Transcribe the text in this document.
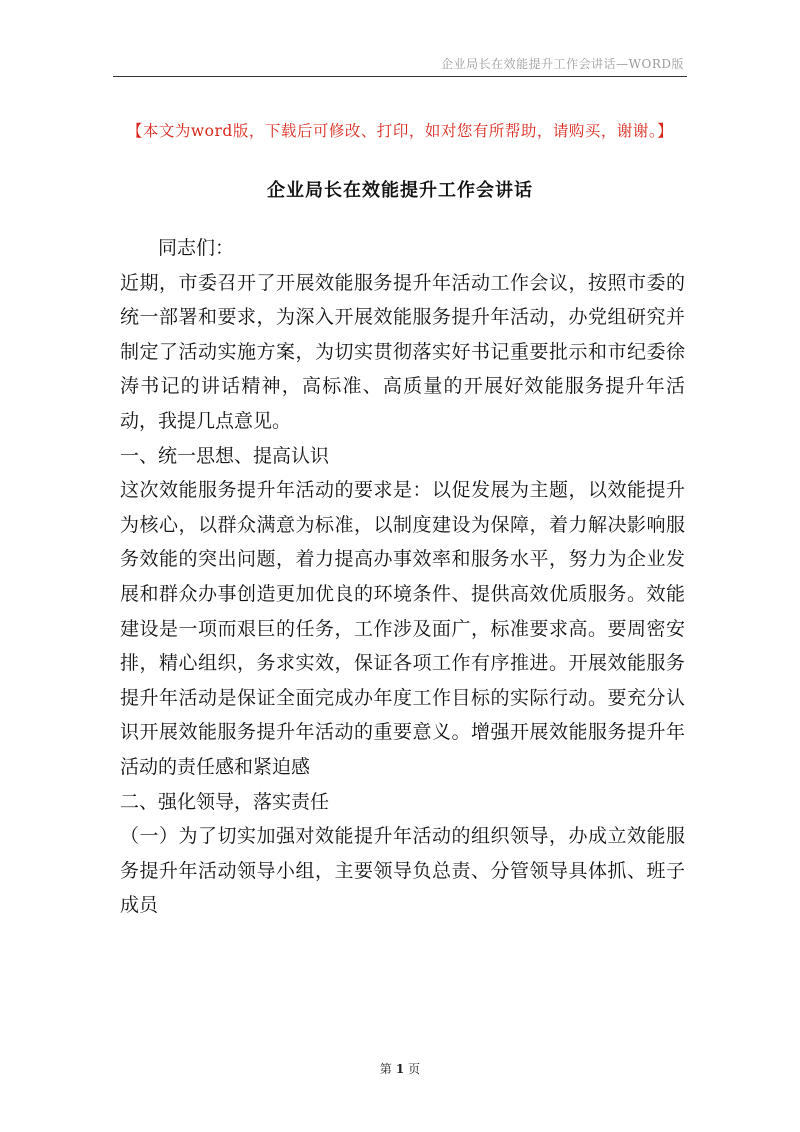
企业局长在效能提升工作会讲话—WORD版
【本文为word版，下载后可修改、打印，如对您有所帮助，请购买，谢谢。】
企业局长在效能提升工作会讲话

同志们：

近期，市委召开了开展效能服务提升年活动工作会议，按照市委的统一部署和要求，为深入开展效能服务提升年活动，办党组研究并制定了活动实施方案，为切实贯彻落实好书记重要批示和市纪委徐涛书记的讲话精神，高标准、高质量的开展好效能服务提升年活动，我提几点意见。

一、统一思想、提高认识

这次效能服务提升年活动的要求是：以促发展为主题，以效能提升为核心，以群众满意为标准，以制度建设为保障，着力解决影响服务效能的突出问题，着力提高办事效率和服务水平，努力为企业发展和群众办事创造更加优良的环境条件、提供高效优质服务。效能建设是一项而艰巨的任务，工作涉及面广，标准要求高。要周密安排，精心组织，务求实效，保证各项工作有序推进。开展效能服务提升年活动是保证全面完成办年度工作目标的实际行动。要充分认识开展效能服务提升年活动的重要意义。增强开展效能服务提升年活动的责任感和紧迫感

二、强化领导，落实责任

（一）为了切实加强对效能提升年活动的组织领导，办成立效能服务提升年活动领导小组，主要领导负总责、分管领导具体抓、班子成员

第 1 页
